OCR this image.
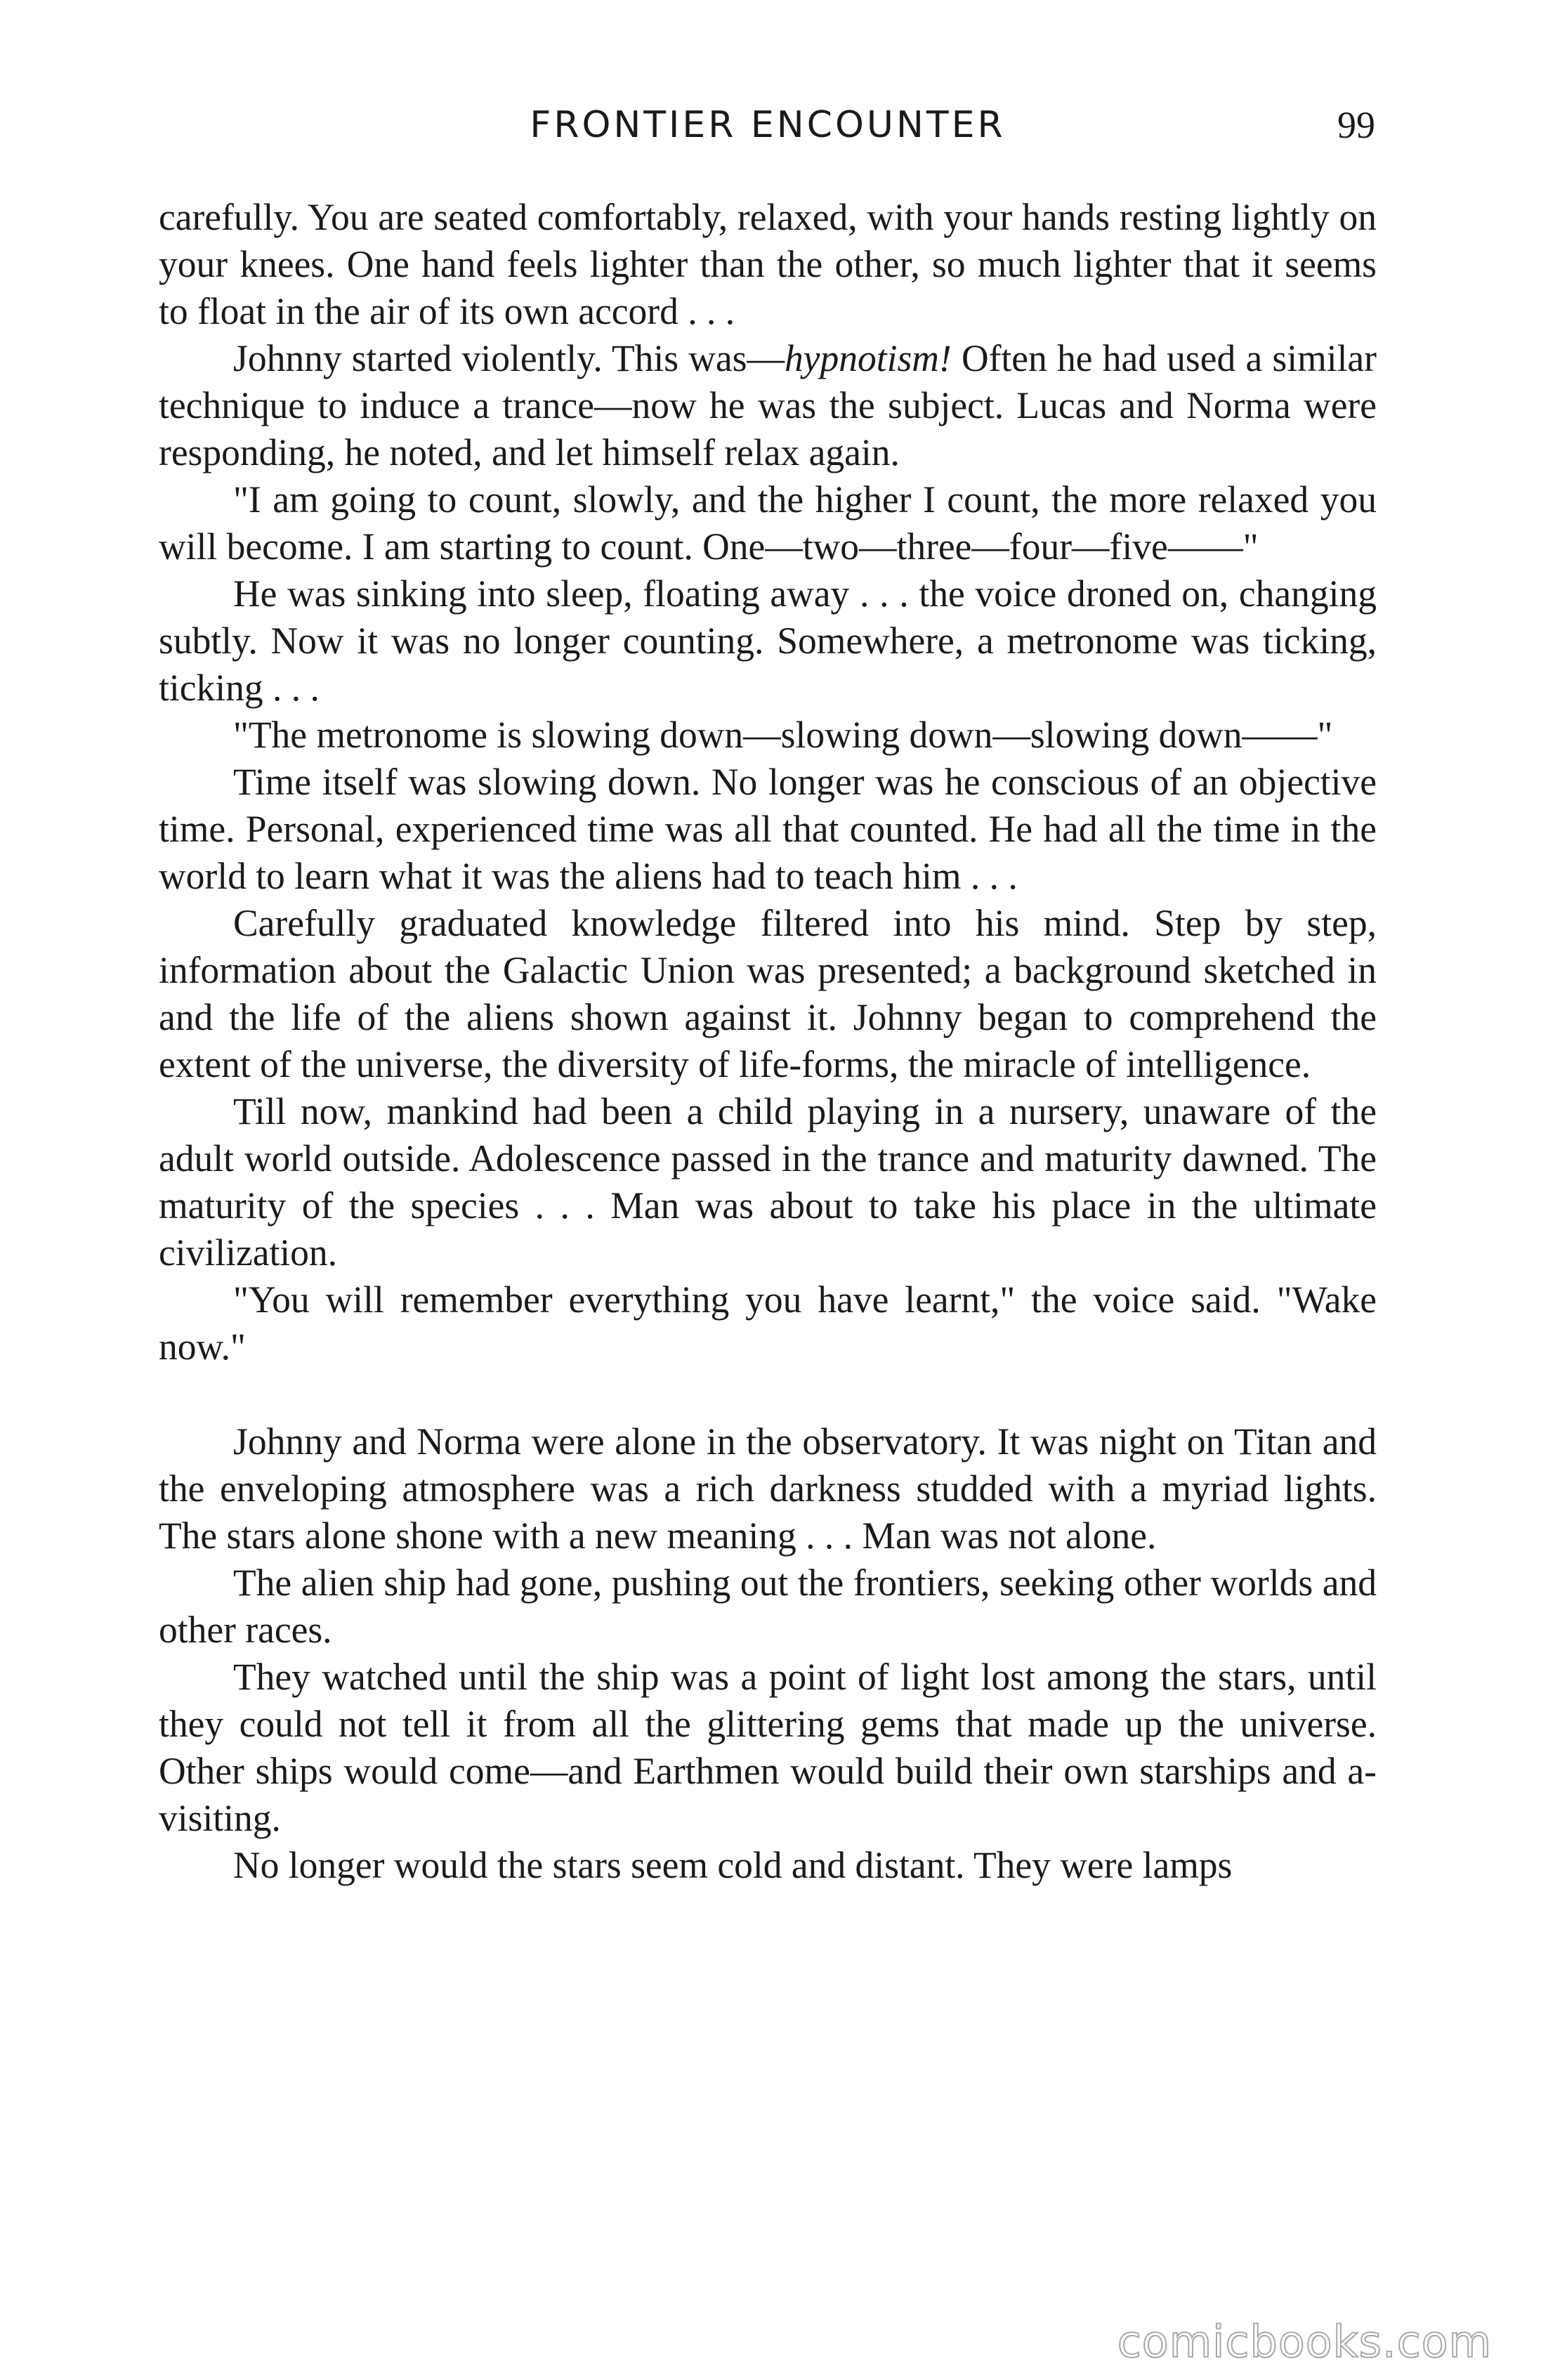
FRONTIER ENCOUNTER	99

carefully. You are seated comfortably, relaxed, with your hands resting lightly on your knees. One hand feels lighter than the other, so much lighter that it seems to float in the air of its own accord . . .

Johnny started violently. This was—hypnotism! Often he had used a similar technique to induce a trance—now he was the subject. Lucas and Norma were responding, he noted, and let himself relax again.

"I am going to count, slowly, and the higher I count, the more relaxed you will become. I am starting to count. One—two—three—four—five——"

He was sinking into sleep, floating away . . . the voice droned on, changing subtly. Now it was no longer counting. Somewhere, a metronome was ticking, ticking . . .

"The metronome is slowing down—slowing down—slowing down——"

Time itself was slowing down. No longer was he conscious of an objective time. Personal, experienced time was all that counted. He had all the time in the world to learn what it was the aliens had to teach him . . .

Carefully graduated knowledge filtered into his mind. Step by step, information about the Galactic Union was presented; a background sketched in and the life of the aliens shown against it. Johnny began to comprehend the extent of the universe, the diversity of life-forms, the miracle of intelligence.

Till now, mankind had been a child playing in a nursery, unaware of the adult world outside. Adolescence passed in the trance and maturity dawned. The maturity of the species . . . Man was about to take his place in the ultimate civilization.

"You will remember everything you have learnt," the voice said. "Wake now."

Johnny and Norma were alone in the observatory. It was night on Titan and the enveloping atmosphere was a rich darkness studded with a myriad lights. The stars alone shone with a new meaning . . . Man was not alone.

The alien ship had gone, pushing out the frontiers, seeking other worlds and other races.

They watched until the ship was a point of light lost among the stars, until they could not tell it from all the glittering gems that made up the universe. Other ships would come—and Earthmen would build their own starships and a-visiting.

No longer would the stars seem cold and distant. They were lamps

comicbooks.com
